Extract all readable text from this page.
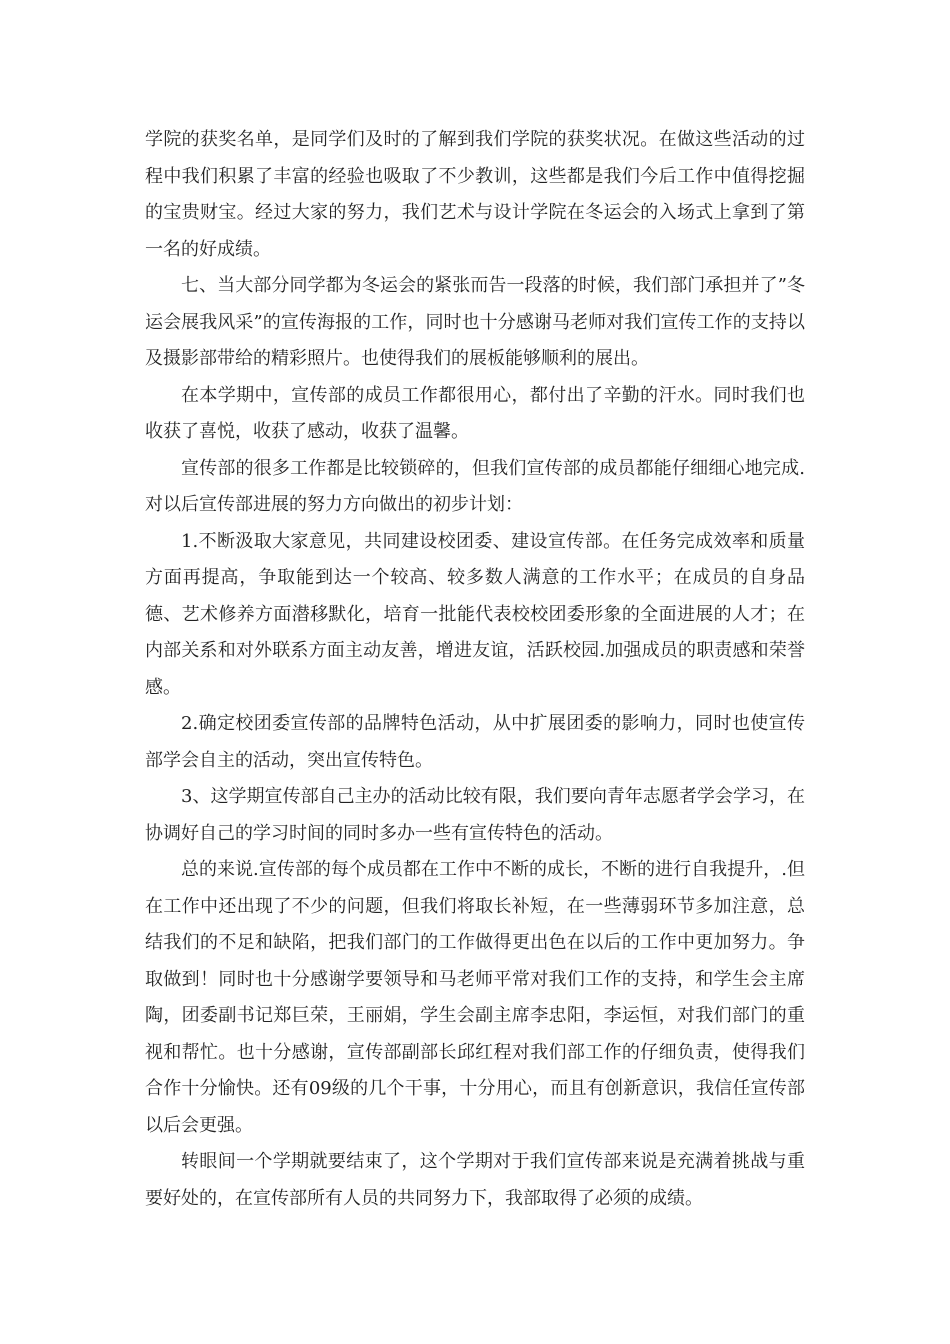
学院的获奖名单，是同学们及时的了解到我们学院的获奖状况。在做这些活动的过程中我们积累了丰富的经验也吸取了不少教训，这些都是我们今后工作中值得挖掘的宝贵财宝。经过大家的努力，我们艺术与设计学院在冬运会的入场式上拿到了第一名的好成绩。

七、当大部分同学都为冬运会的紧张而告一段落的时候，我们部门承担并了”冬运会展我风采”的宣传海报的工作，同时也十分感谢马老师对我们宣传工作的支持以及摄影部带给的精彩照片。也使得我们的展板能够顺利的展出。

在本学期中，宣传部的成员工作都很用心，都付出了辛勤的汗水。同时我们也收获了喜悦，收获了感动，收获了温馨。

宣传部的很多工作都是比较锁碎的，但我们宣传部的成员都能仔细细心地完成.对以后宣传部进展的努力方向做出的初步计划：

1.不断汲取大家意见，共同建设校团委、建设宣传部。在任务完成效率和质量方面再提高，争取能到达一个较高、较多数人满意的工作水平；在成员的自身品德、艺术修养方面潜移默化，培育一批能代表校校团委形象的全面进展的人才；在内部关系和对外联系方面主动友善，增进友谊，活跃校园.加强成员的职责感和荣誉感。

2.确定校团委宣传部的品牌特色活动，从中扩展团委的影响力，同时也使宣传部学会自主的活动，突出宣传特色。

3、这学期宣传部自己主办的活动比较有限，我们要向青年志愿者学会学习，在协调好自己的学习时间的同时多办一些有宣传特色的活动。

总的来说.宣传部的每个成员都在工作中不断的成长，不断的进行自我提升，.但在工作中还出现了不少的问题，但我们将取长补短，在一些薄弱环节多加注意，总结我们的不足和缺陷，把我们部门的工作做得更出色在以后的工作中更加努力。争取做到！同时也十分感谢学要领导和马老师平常对我们工作的支持，和学生会主席陶，团委副书记郑巨荣，王丽娟，学生会副主席李忠阳，李运恒，对我们部门的重视和帮忙。也十分感谢，宣传部副部长邱红程对我们部工作的仔细负责，使得我们合作十分愉快。还有09级的几个干事，十分用心，而且有创新意识，我信任宣传部以后会更强。

转眼间一个学期就要结束了，这个学期对于我们宣传部来说是充满着挑战与重要好处的，在宣传部所有人员的共同努力下，我部取得了必须的成绩。
